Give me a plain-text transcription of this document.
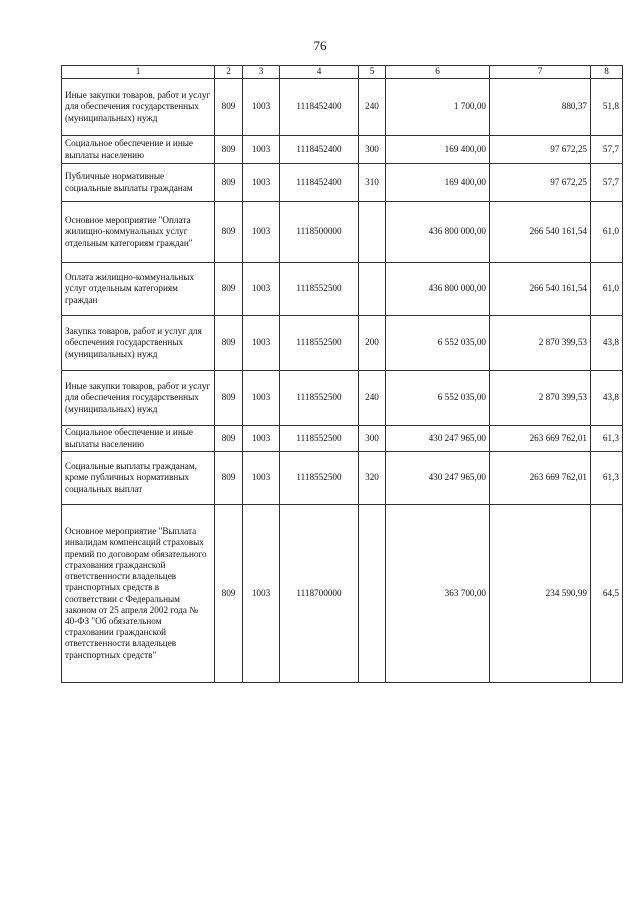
76
1	2	3	4	5	6	7	8
Иные закупки товаров, работ и услуг для обеспечения государственных (муниципальных) нужд	809	1003	1118452400	240	1 700,00	880,37	51,8
Социальное обеспечение и иные выплаты населению	809	1003	1118452400	300	169 400,00	97 672,25	57,7
Публичные нормативные социальные выплаты гражданам	809	1003	1118452400	310	169 400,00	97 672,25	57,7
Основное мероприятие "Оплата жилищно-коммунальных услуг отдельным категориям граждан"	809	1003	1118500000		436 800 000,00	266 540 161,54	61,0
Оплата жилищно-коммунальных услуг отдельным категориям граждан	809	1003	1118552500		436 800 000,00	266 540 161,54	61,0
Закупка товаров, работ и услуг для обеспечения государственных (муниципальных) нужд	809	1003	1118552500	200	6 552 035,00	2 870 399,53	43,8
Иные закупки товаров, работ и услуг для обеспечения государственных (муниципальных) нужд	809	1003	1118552500	240	6 552 035,00	2 870 399,53	43,8
Социальное обеспечение и иные выплаты населению	809	1003	1118552500	300	430 247 965,00	263 669 762,01	61,3
Социальные выплаты гражданам, кроме публичных нормативных социальных выплат	809	1003	1118552500	320	430 247 965,00	263 669 762,01	61,3
Основное мероприятие "Выплата инвалидам компенсаций страховых премий по договорам обязательного страхования гражданской ответственности владельцев транспортных средств в соответствии с Федеральным законом от 25 апреля 2002 года № 40-ФЗ "Об обязательном страховании гражданской ответственности владельцев транспортных средств"	809	1003	1118700000		363 700,00	234 590,99	64,5
